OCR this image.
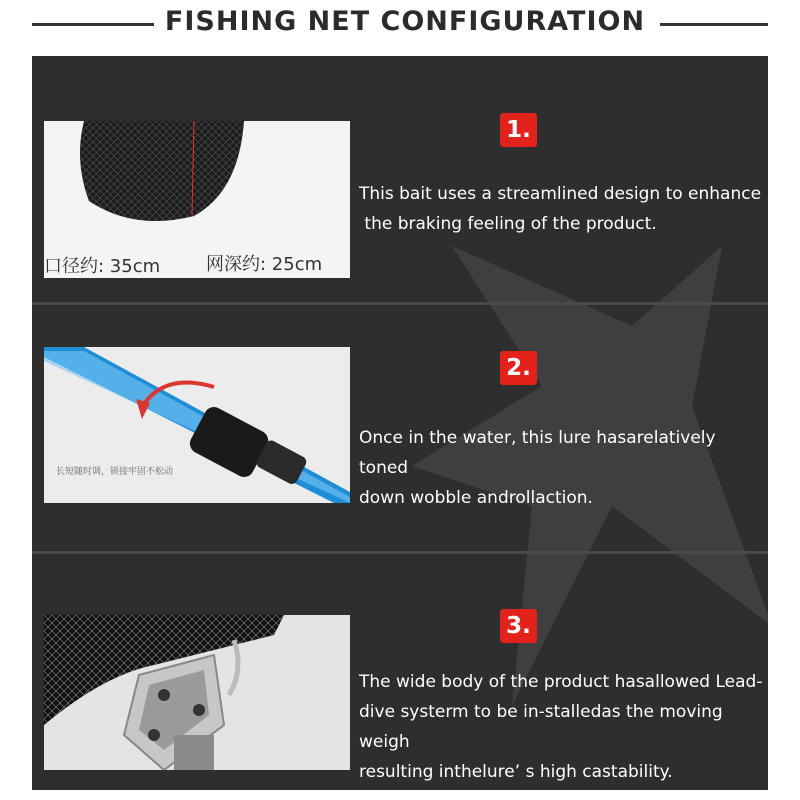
FISHING NET CONFIGURATION
口径约: 35cm	网深约: 25cm
1.
This bait uses a streamlined design to enhance
the braking feeling of the product.
长短随时调，锁接牢固不松动
2.
Once in the water, this lure hasarelatively toned
down wobble androllaction.
3.
The wide body of the product hasallowed Lead-
dive systerm to be in-stalledas the moving weigh
resulting inthelure’ s high castability.
